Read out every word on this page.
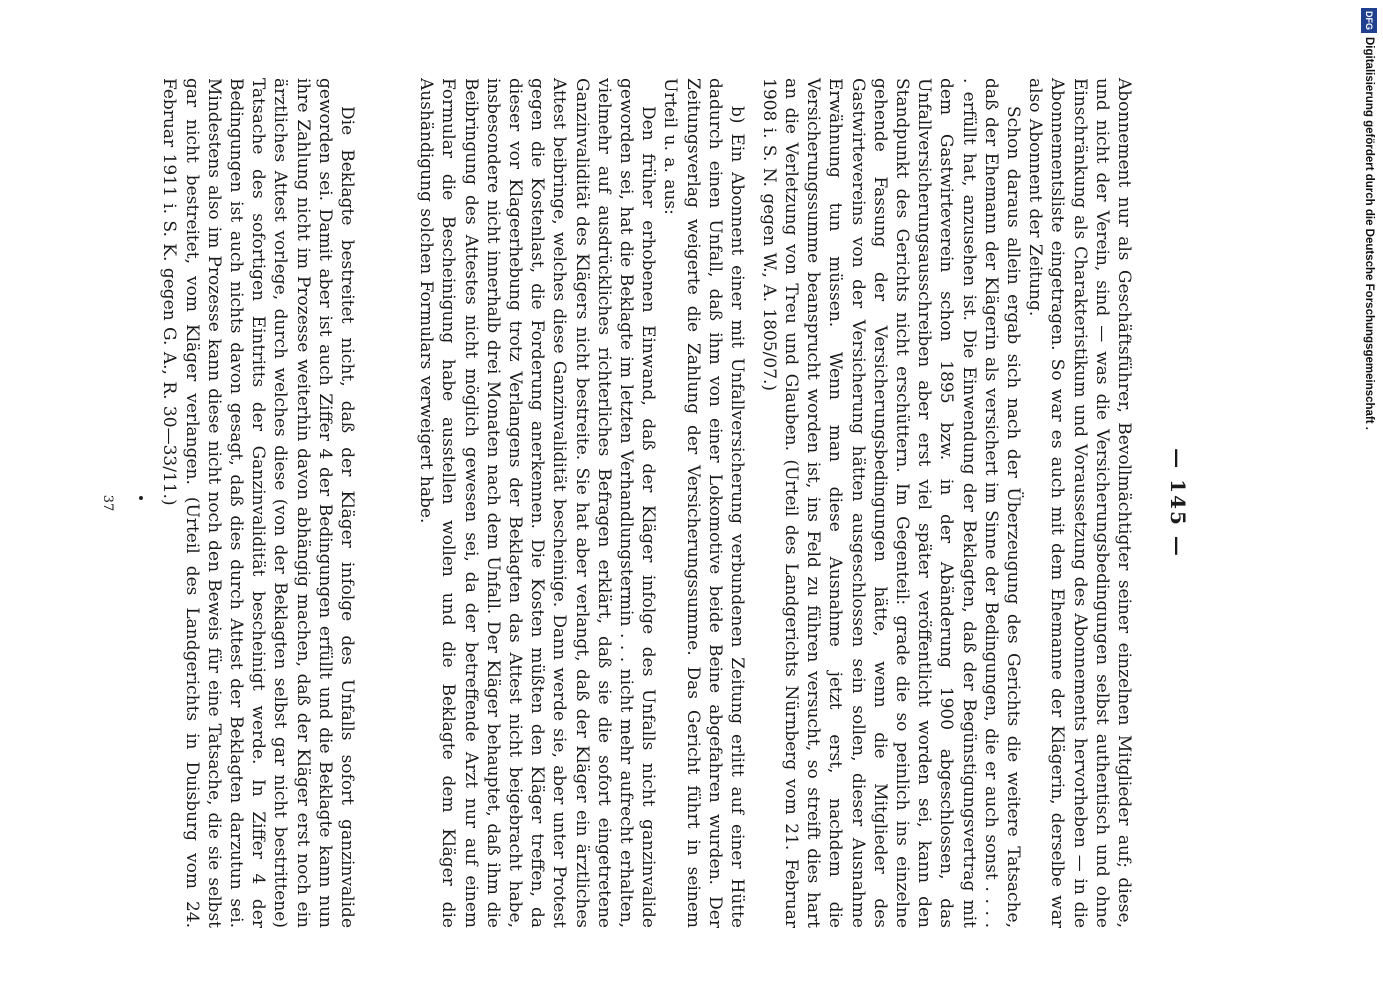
— 145 —

Abonnement nur als Geschäftsführer, Bevollmächtigter seiner einzelnen Mitglieder auf; diese, und nicht der Verein, sind — was die Versicherungsbedingungen selbst authentisch und ohne Einschränkung als Charakteristikum und Voraussetzung des Abonnements hervorheben — in die Abonnementsliste eingetragen. So war es auch mit dem Ehemanne der Klägerin, derselbe war also Abonnent der Zeitung.

Schon daraus allein ergab sich nach der Überzeugung des Gerichts die weitere Tatsache, daß der Ehemann der Klägerin als versichert im Sinne der Bedingungen, die er auch sonst . . . . . erfüllt hat, anzusehen ist. Die Einwendung der Beklagten, daß der Begünstigungsvertrag mit dem Gastwirteverein schon 1895 bzw. in der Abänderung 1900 abgeschlossen, das Unfallversicherungsausschreiben aber erst viel später veröffentlicht worden sei, kann den Standpunkt des Gerichts nicht erschüttern. Im Gegenteil: grade die so peinlich ins einzelne gehende Fassung der Versicherungsbedingungen hätte, wenn die Mitglieder des Gastwirtevereins von der Versicherung hätten ausgeschlossen sein sollen, dieser Ausnahme Erwähnung tun müssen. Wenn man diese Ausnahme jetzt erst, nachdem die Versicherungssumme beansprucht worden ist, ins Feld zu führen versucht, so streift dies hart an die Verletzung von Treu und Glauben. (Urteil des Landgerichts Nürnberg vom 21. Februar 1908 i. S. N. gegen W., A. 1805/07.)

b) Ein Abonnent einer mit Unfallversicherung verbundenen Zeitung erlitt auf einer Hütte dadurch einen Unfall, daß ihm von einer Lokomotive beide Beine abgefahren wurden. Der Zeitungsverlag weigerte die Zahlung der Versicherungssumme. Das Gericht führt in seinem Urteil u. a. aus:

Den früher erhobenen Einwand, daß der Kläger infolge des Unfalls nicht ganzinvalide geworden sei, hat die Beklagte im letzten Verhandlungstermin . . . nicht mehr aufrecht erhalten, vielmehr auf ausdrückliches richterliches Befragen erklärt, daß sie die sofort eingetretene Ganzinvalidität des Klägers nicht bestreite. Sie hat aber verlangt, daß der Kläger ein ärztliches Attest beibringe, welches diese Ganzinvalidität bescheinige. Dann werde sie, aber unter Protest gegen die Kostenlast, die Forderung anerkennen. Die Kosten müßten den Kläger treffen, da dieser vor Klageerhebung trotz Verlangens der Beklagten das Attest nicht beigebracht habe, insbesondere nicht innerhalb drei Monaten nach dem Unfall. Der Kläger behauptet, daß ihm die Beibringung des Attestes nicht möglich gewesen sei, da der betreffende Arzt nur auf einem Formular die Bescheinigung habe ausstellen wollen und die Beklagte dem Kläger die Aushändigung solchen Formulars verweigert habe.

Die Beklagte bestreitet nicht, daß der Kläger infolge des Unfalls sofort ganzinvalide geworden sei. Damit aber ist auch Ziffer 4 der Bedingungen erfüllt und die Beklagte kann nun ihre Zahlung nicht im Prozesse weiterhin davon abhängig machen, daß der Kläger erst noch ein ärztliches Attest vorlege, durch welches diese (von der Beklagten selbst gar nicht bestrittene) Tatsache des sofortigen Eintritts der Ganzinvalidität bescheinigt werde. In Ziffer 4 der Bedingungen ist auch nichts davon gesagt, daß dies durch Attest der Beklagten darzutun sei. Mindestens also im Prozesse kann diese nicht noch den Beweis für eine Tatsache, die sie selbst gar nicht bestreitet, vom Kläger verlangen. (Urteil des Landgerichts in Duisburg vom 24. Februar 1911 i. S. K. gegen G. A., R. 30—33/11.)

37
DFGDigitalisierung gefördert durch die Deutsche Forschungsgemeinschaft .
